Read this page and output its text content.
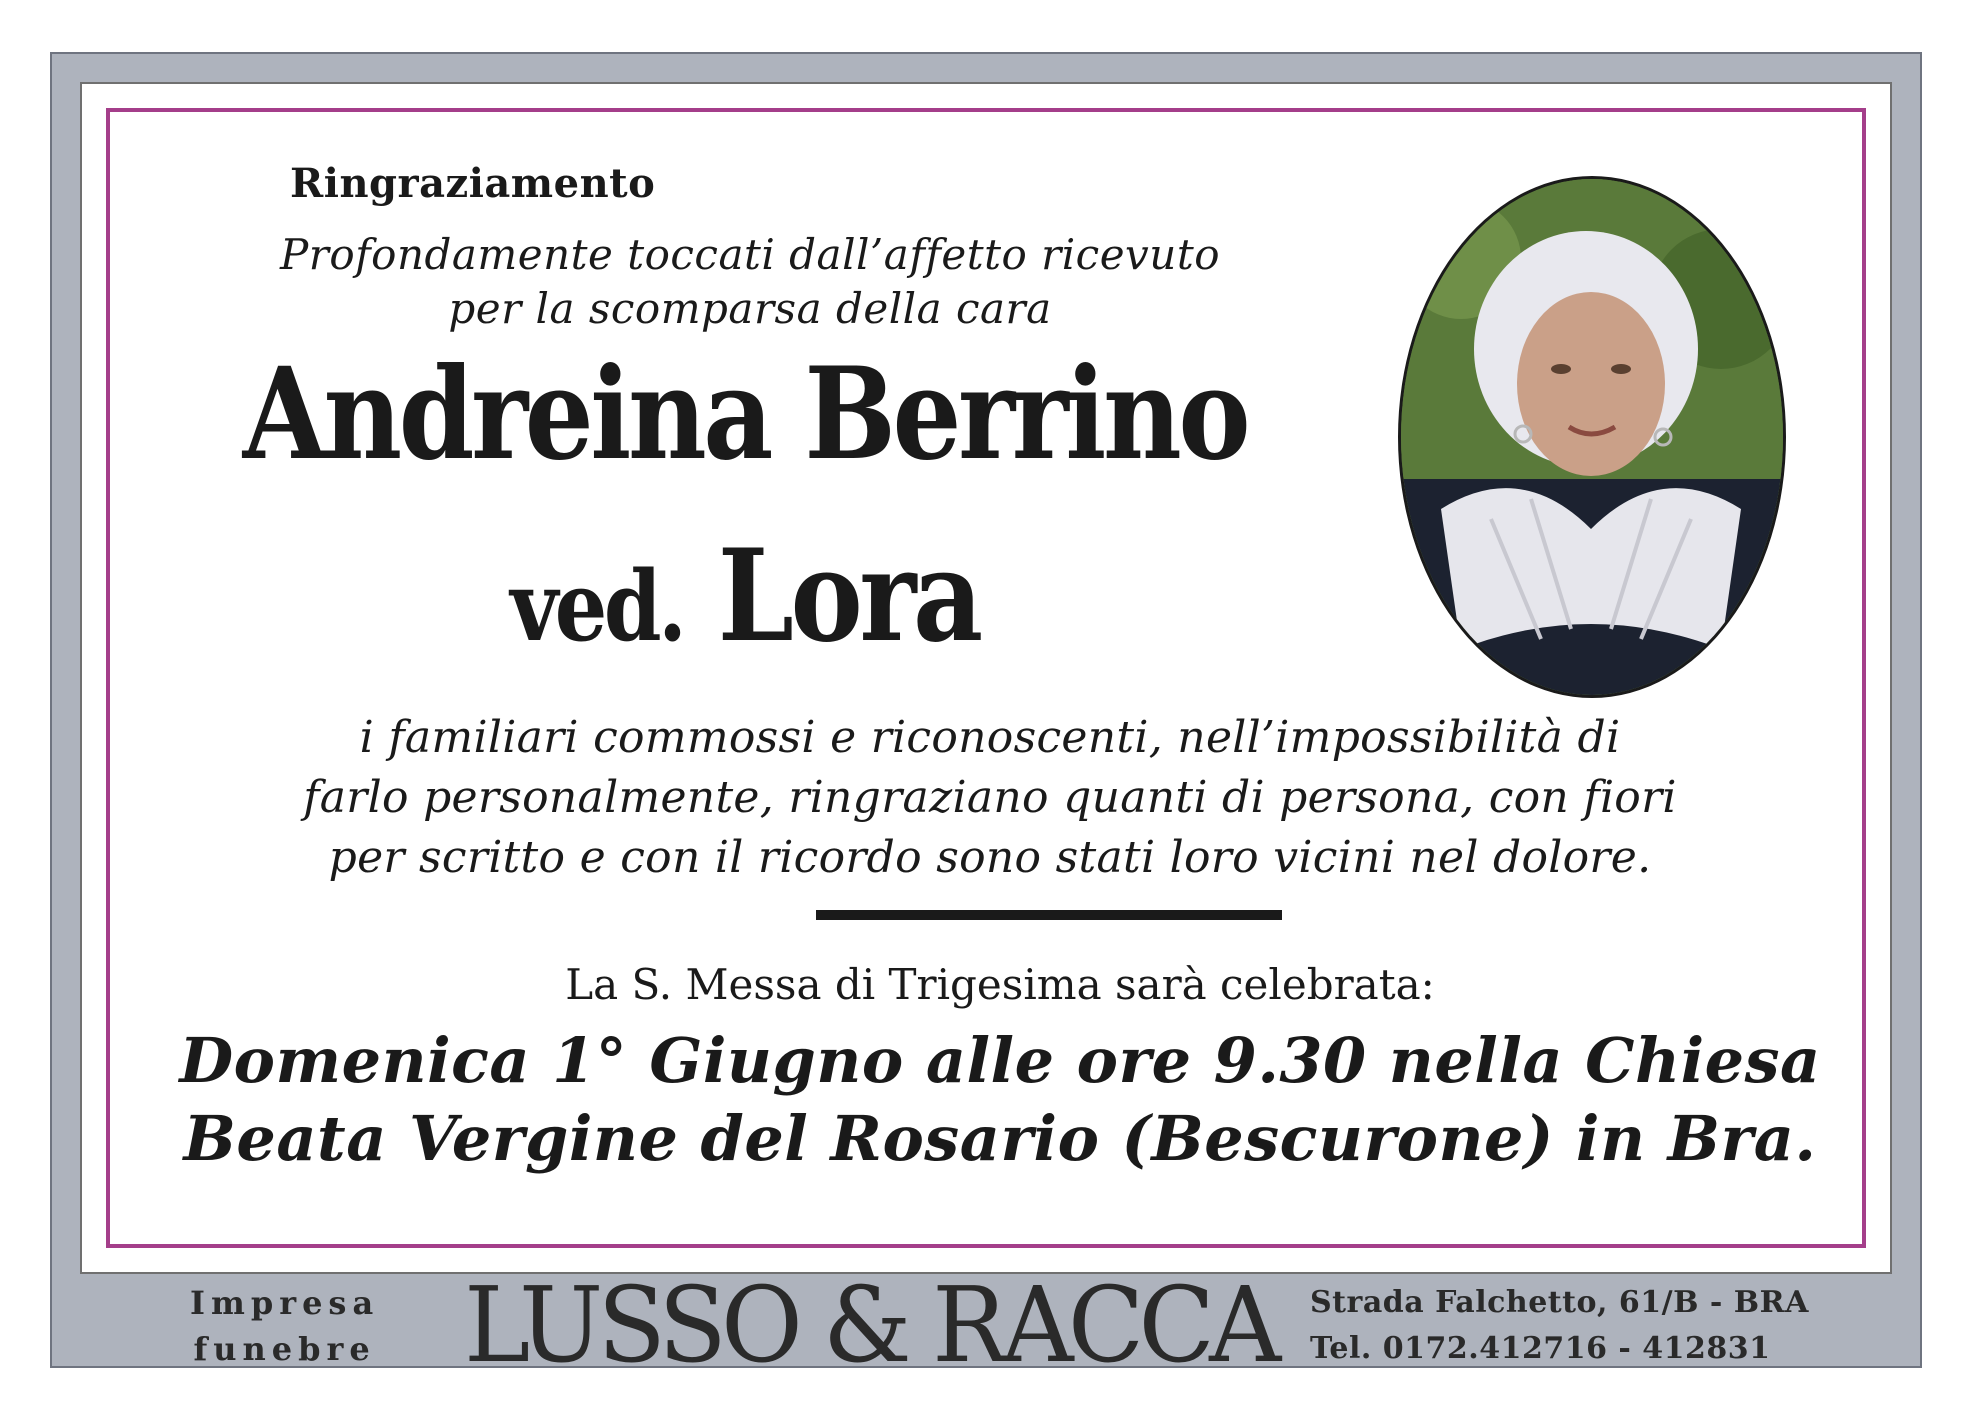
Ringraziamento
Profondamente toccati dall’affetto ricevuto
per la scomparsa della cara
Andreina Berrino
ved. Lora
i familiari commossi e riconoscenti, nell’impossibilità di
farlo personalmente, ringraziano quanti di persona, con fiori
per scritto e con il ricordo sono stati loro vicini nel dolore.
La S. Messa di Trigesima sarà celebrata:
Domenica 1° Giugno alle ore 9.30 nella Chiesa
Beata Vergine del Rosario (Bescurone) in Bra.
Impresa
funebre LUSSO & RACCA Strada Falchetto, 61/B - BRA
Tel. 0172.412716 - 412831
